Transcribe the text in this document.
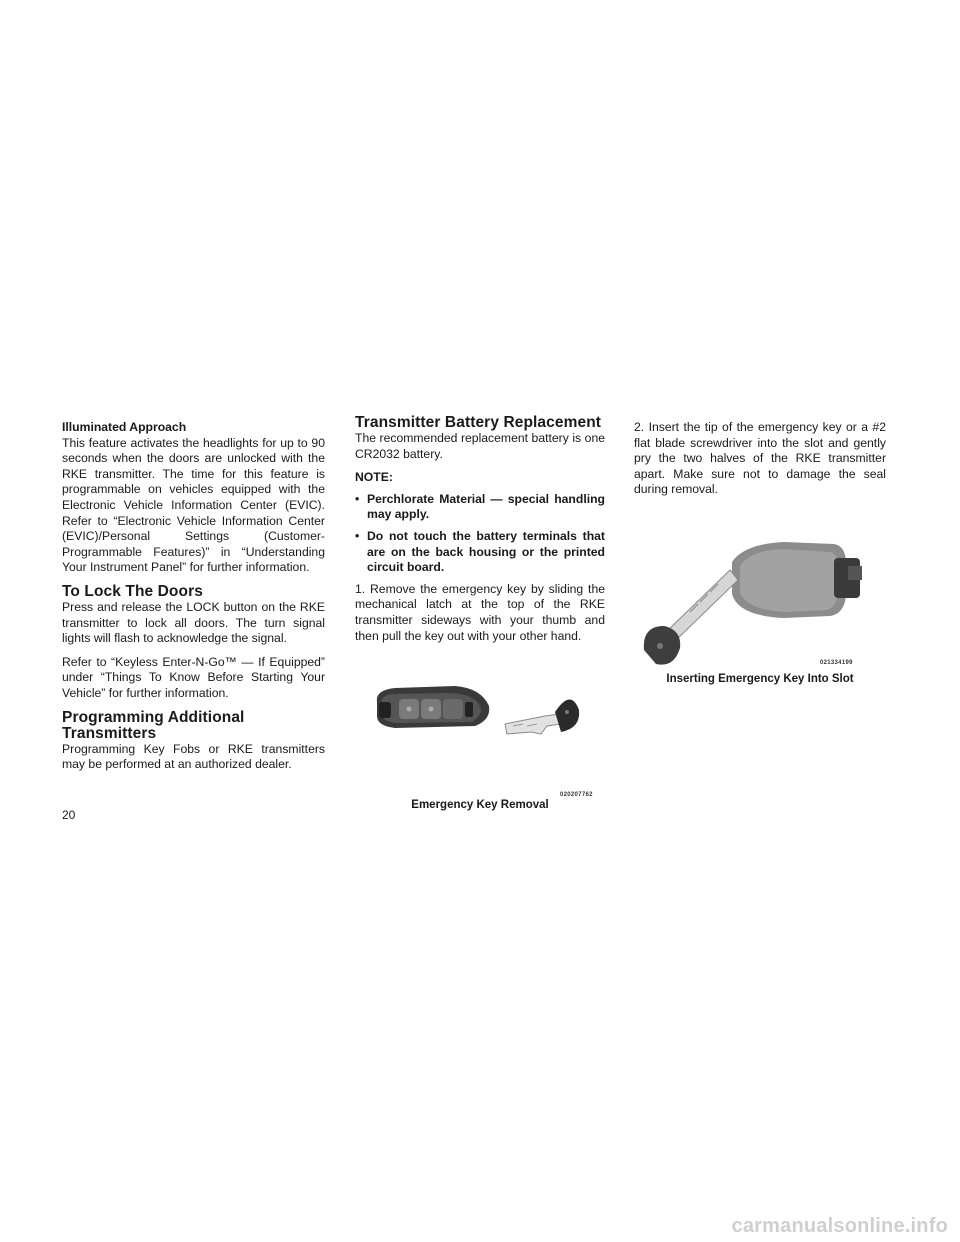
Illuminated Approach

This feature activates the headlights for up to 90 seconds when the doors are unlocked with the RKE transmitter. The time for this feature is programmable on vehicles equipped with the Electronic Vehicle Information Center (EVIC). Refer to “Electronic Vehicle Information Center (EVIC)/Personal Settings (Customer-Programmable Features)” in “Understanding Your Instrument Panel” for further information.

To Lock The Doors

Press and release the LOCK button on the RKE transmitter to lock all doors. The turn signal lights will flash to acknowledge the signal.

Refer to “Keyless Enter-N-Go™ — If Equipped” under “Things To Know Before Starting Your Vehicle” for further information.

Programming Additional
Transmitters

Programming Key Fobs or RKE transmitters may be performed at an authorized dealer.

Transmitter Battery Replacement

The recommended replacement battery is one CR2032 battery.

NOTE:

• Perchlorate Material — special handling may apply.
• Do not touch the battery terminals that are on the back housing or the printed circuit board.

1. Remove the emergency key by sliding the mechanical latch at the top of the RKE transmitter sideways with your thumb and then pull the key out with your other hand.

020207762
Emergency Key Removal

2. Insert the tip of the emergency key or a #2 flat blade screwdriver into the slot and gently pry the two halves of the RKE transmitter apart. Make sure not to damage the seal during removal.

021334199
Inserting Emergency Key Into Slot
20
carmanualsonline.info
